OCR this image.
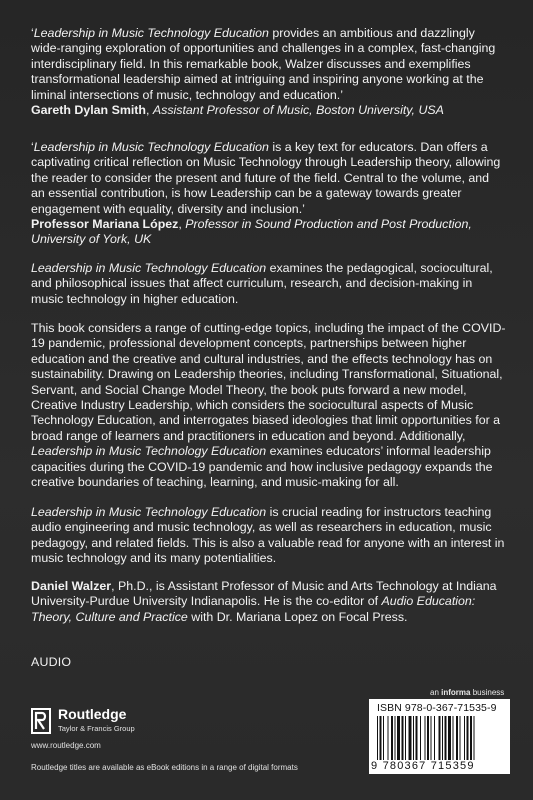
‘Leadership in Music Technology Education provides an ambitious and dazzlingly wide-ranging exploration of opportunities and challenges in a complex, fast-changing interdisciplinary field. In this remarkable book, Walzer discusses and exemplifies transformational leadership aimed at intriguing and inspiring anyone working at the liminal intersections of music, technology and education.’
Gareth Dylan Smith, Assistant Professor of Music, Boston University, USA

‘Leadership in Music Technology Education is a key text for educators. Dan offers a captivating critical reflection on Music Technology through Leadership theory, allowing the reader to consider the present and future of the field. Central to the volume, and an essential contribution, is how Leadership can be a gateway towards greater engagement with equality, diversity and inclusion.’
Professor Mariana López, Professor in Sound Production and Post Production, University of York, UK

Leadership in Music Technology Education examines the pedagogical, sociocultural, and philosophical issues that affect curriculum, research, and decision-making in music technology in higher education.

This book considers a range of cutting-edge topics, including the impact of the COVID-19 pandemic, professional development concepts, partnerships between higher education and the creative and cultural industries, and the effects technology has on sustainability. Drawing on Leadership theories, including Transformational, Situational, Servant, and Social Change Model Theory, the book puts forward a new model, Creative Industry Leadership, which considers the sociocultural aspects of Music Technology Education, and interrogates biased ideologies that limit opportunities for a broad range of learners and practitioners in education and beyond. Additionally, Leadership in Music Technology Education examines educators’ informal leadership capacities during the COVID-19 pandemic and how inclusive pedagogy expands the creative boundaries of teaching, learning, and music-making for all.

Leadership in Music Technology Education is crucial reading for instructors teaching audio engineering and music technology, as well as researchers in education, music pedagogy, and related fields. This is also a valuable read for anyone with an interest in music technology and its many potentialities.

Daniel Walzer, Ph.D., is Assistant Professor of Music and Arts Technology at Indiana University-Purdue University Indianapolis. He is the co-editor of Audio Education: Theory, Culture and Practice with Dr. Mariana Lopez on Focal Press.

AUDIO
an informa business
ISBN 978-0-367-71535-9
9 780367 715359
Routledge
Taylor & Francis Group
www.routledge.com
Routledge titles are available as eBook editions in a range of digital formats
